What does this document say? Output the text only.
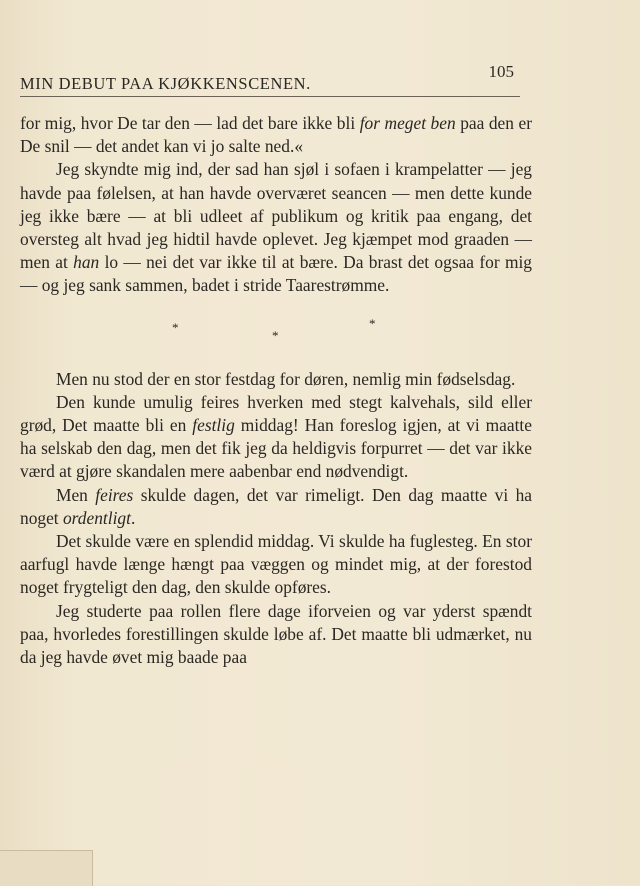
MIN DEBUT PAA KJØKKENSCENEN.
105

for mig, hvor De tar den — lad det bare ikke bli for meget ben paa den er De snil — det andet kan vi jo salte ned.«

Jeg skyndte mig ind, der sad han sjøl i sofaen i krampelatter — jeg havde paa følelsen, at han havde overværet seancen — men dette kunde jeg ikke bære — at bli udleet af publikum og kritik paa engang, det oversteg alt hvad jeg hidtil havde oplevet. Jeg kjæmpet mod graaden — men at han lo — nei det var ikke til at bære. Da brast det ogsaa for mig — og jeg sank sammen, badet i stride Taarestrømme.

*
*
*

Men nu stod der en stor festdag for døren, nemlig min fødselsdag.

Den kunde umulig feires hverken med stegt kalvehals, sild eller grød, Det maatte bli en festlig middag! Han foreslog igjen, at vi maatte ha selskab den dag, men det fik jeg da heldigvis forpurret — det var ikke værd at gjøre skandalen mere aabenbar end nødvendigt.

Men feires skulde dagen, det var rimeligt. Den dag maatte vi ha noget ordentligt.

Det skulde være en splendid middag. Vi skulde ha fuglesteg. En stor aarfugl havde længe hængt paa væggen og mindet mig, at der forestod noget frygteligt den dag, den skulde opføres.

Jeg studerte paa rollen flere dage iforveien og var yderst spændt paa, hvorledes forestillingen skulde løbe af. Det maatte bli udmærket, nu da jeg havde øvet mig baade paa
